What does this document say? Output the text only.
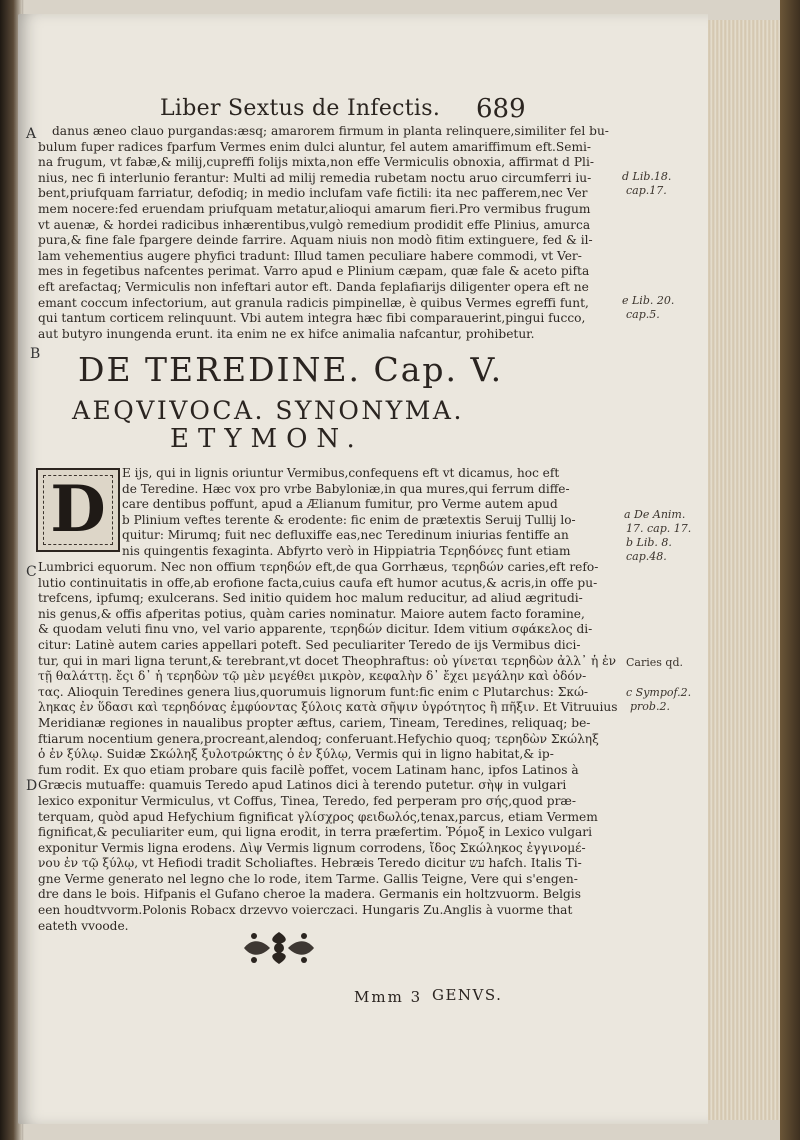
Liber Sextus de Infectis.	689
A	danus æneo clauo purgandas:æsq; amarorem firmum in planta relinquere,similiter fel bu-
bulum fuper radices fparfum Vermes enim dulci aluntur, fel autem amariffimum eft.Semi-
na frugum, vt fabæ,& milij,cupreffi folijs mixta,non effe Vermiculis obnoxia, affirmat d Pli-
nius, nec fi interlunio ferantur: Multi ad milij remedia rubetam noctu aruo circumferri iu-
bent,priufquam farriatur, defodiq; in medio inclufam vafe fictili: ita nec pafferem,nec Ver
mem nocere:fed eruendam priufquam metatur,alioqui amarum fieri.Pro vermibus frugum
vt auenæ, & hordei radicibus inhærentibus,vulgò remedium prodidit effe Plinius, amurca
pura,& fine fale fpargere deinde farrire. Aquam niuis non modò fitim extinguere, fed & il-
lam vehementius augere phyfici tradunt: Illud tamen peculiare habere commodi, vt Ver-
mes in fegetibus nafcentes perimat. Varro apud e Plinium cæpam, quæ fale & aceto pifta
eft arefactaq; Vermiculis non infeftari autor eft. Danda feplafiarijs diligenter opera eft ne
emant coccum infectorium, aut granula radicis pimpinellæ, è quibus Vermes egreffi funt,
qui tantum corticem relinquunt. Vbi autem integra hæc fibi comparauerint,pingui fucco,
aut butyro inungenda erunt. ita enim ne ex hifce animalia nafcantur, prohibetur.
d Lib.18.
cap.17.
e Lib. 20.
cap.5.
B DE TEREDINE. Cap. V.
AEQVIVOCA. SYNONYMA.
ETYMON.
D	E ijs, qui in lignis oriuntur Vermibus,confequens eft vt dicamus, hoc eft
de Teredine. Hæc vox pro vrbe Babyloniæ,in qua mures,qui ferrum diffe-
care dentibus poffunt, apud a Ælianum fumitur, pro Verme autem apud
b Plinium veftes terente & erodente: fic enim de prætextis Seruij Tullij lo-
quitur: Mirumq; fuit nec defluxiffe eas,nec Teredinum iniurias fentiffe an
nis quingentis fexaginta. Abfyrto verò in Hippiatria Τερηδόνες funt etiam
C Lumbrici equorum. Nec non offium τερηδών eft,de qua Gorrhæus, τερηδών caries,eft refo-
lutio continuitatis in offe,ab erofione facta,cuius caufa eft humor acutus,& acris,in offe pu-
trefcens, ipfumq; exulcerans. Sed initio quidem hoc malum reducitur, ad aliud ægritudi-
nis genus,& offis afperitas potius, quàm caries nominatur. Maiore autem facto foramine,
& quodam veluti finu vno, vel vario apparente, τερηδών dicitur. Idem vitium σφάκελος di-
citur: Latinè autem caries appellari poteft. Sed peculiariter Teredo de ijs Vermibus dici-
tur, qui in mari ligna terunt,& terebrant,vt docet Theophraftus: οὐ γίνεται τερηδὼν ἀλλ᾽ ἡ ἐν
τῇ θαλάττῃ. ἔςι δ᾽ ἡ τερηδὼν τῷ μὲν μεγέθει μικρὸν, κεφαλὴν δ᾽ ἔχει μεγάλην καὶ ὀδόν-
τας. Alioquin Teredines genera lius,quorumuis lignorum funt:fic enim c Plutarchus: Σκώ-
ληκας ἐν ὕδασι καὶ τερηδόνας ἐμφύοντας ξύλοις κατὰ σῆψιν ὑγρότητος ἢ πῆξιν. Et Vitruuius
Meridianæ regiones in naualibus propter æftus, cariem, Tineam, Teredines, reliquaq; be-
ftiarum nocentium genera,procreant,alendoq; conferuant.Hefychio quoq; τερηδὼν Σκώληξ
ὁ ἐν ξύλῳ. Suidæ Σκώληξ ξυλοτρώκτης ὁ ἐν ξύλῳ, Vermis qui in ligno habitat,& ip-
fum rodit. Ex quo etiam probare quis facilè poffet, vocem Latinam hanc, ipfos Latinos à
Græcis mutuaffe: quamuis Teredo apud Latinos dici à terendo putetur. σὴψ in vulgari
lexico exponitur Vermiculus, vt Coffus, Tinea, Teredo, fed perperam pro σής,quod præ-
terquam, quòd apud Hefychium fignificat γλίσχρος φειδωλός,tenax,parcus, etiam Vermem
fignificat,& peculiariter eum, qui ligna erodit, in terra præfertim. Ῥόμοξ in Lexico vulgari
exponitur Vermis ligna erodens. Δὶψ Vermis lignum corrodens, ἴδος Σκώληκος ἐγγινομέ-
νου ἐν τῷ ξύλῳ, vt Hefiodi tradit Scholiaftes. Hebræis Teredo dicitur עש hafch. Italis Ti-
gne Verme generato nel legno che lo rode, item Tarme. Gallis Teigne, Vere qui s'engen-
dre dans le bois. Hifpanis el Gufano cheroe la madera. Germanis ein holtzvuorm. Belgis
een houdtvvorm.Polonis Robacx drzevvo voierczaci. Hungaris Zu.Anglis à vuorme that
eateth vvoode.
D
a De Anim.
17. cap. 17.
b Lib. 8.
cap.48.
Caries qd.
c Sympof.2.
prob.2.
Mmm 3 GENVS.
